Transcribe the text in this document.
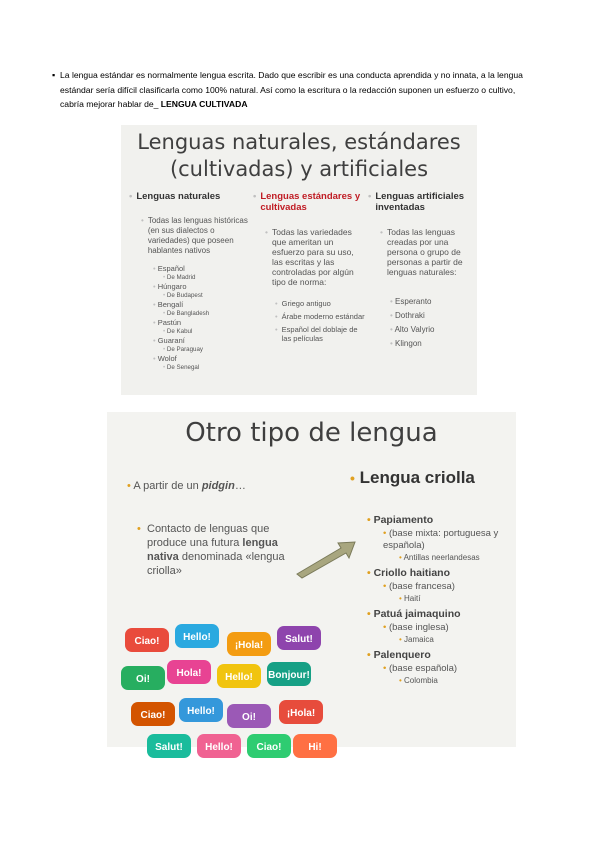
▪ La lengua estándar es normalmente lengua escrita. Dado que escribir es una conducta aprendida y no innata, a la lengua estándar sería difícil clasificarla como 100% natural. Así como la escritura o la redacción suponen un esfuerzo o cultivo, cabría mejorar hablar de_ LENGUA CULTIVADA
Lenguas naturales, estándares
(cultivadas) y artificiales
• Lenguas naturales
• Todas las lenguas históricas (en sus dialectos o variedades) que poseen hablantes nativos
• Español
• De Madrid
• Húngaro
• De Budapest
• Bengalí
• De Bangladesh
• Pastún
• De Kabul
• Guaraní
• De Paraguay
• Wolof
• De Senegal
• Lenguas estándares y cultivadas
• Todas las variedades que ameritan un esfuerzo para su uso, las escritas y las controladas por algún tipo de norma:
• Griego antiguo
• Árabe moderno estándar
• Español del doblaje de las películas
• Lenguas artificiales inventadas
• Todas las lenguas creadas por una persona o grupo de personas a partir de lenguas naturales:
• Esperanto
• Dothraki
• Alto Valyrio
• Klingon
Otro tipo de lengua
• A partir de un pidgin…
• Contacto de lenguas que produce una futura lengua nativa denominada «lengua criolla»
• Lengua criolla
• Papiamento
• (base mixta: portuguesa y española)
• Antillas neerlandesas
• Criollo haitiano
• (base francesa)
• Haití
• Patuá jaimaquino
• (base inglesa)
• Jamaica
• Palenquero
• (base española)
• Colombia
Ciao! Hello!
¡Hola!
Salut!
Oi!
Hola! Hello! Bonjour!
Ciao! Hello!
Oi!	¡Hola!
Salut! Hello! Ciao!	Hi!
